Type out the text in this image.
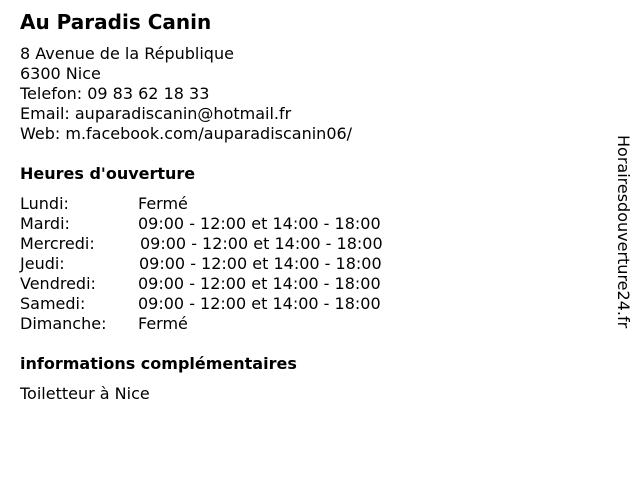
Au Paradis Canin
8 Avenue de la République
6300 Nice
Telefon: 09 83 62 18 33
Email: auparadiscanin@hotmail.fr
Web: m.facebook.com/auparadiscanin06/
Heures d'ouverture
Lundi:	Fermé
Mardi:	09:00 - 12:00 et 14:00 - 18:00
Mercredi:	09:00 - 12:00 et 14:00 - 18:00
Jeudi:	09:00 - 12:00 et 14:00 - 18:00
Vendredi:	09:00 - 12:00 et 14:00 - 18:00
Samedi:	09:00 - 12:00 et 14:00 - 18:00
Dimanche: Fermé
informations complémentaires
Toiletteur à Nice
Horairesdouverture24.fr
